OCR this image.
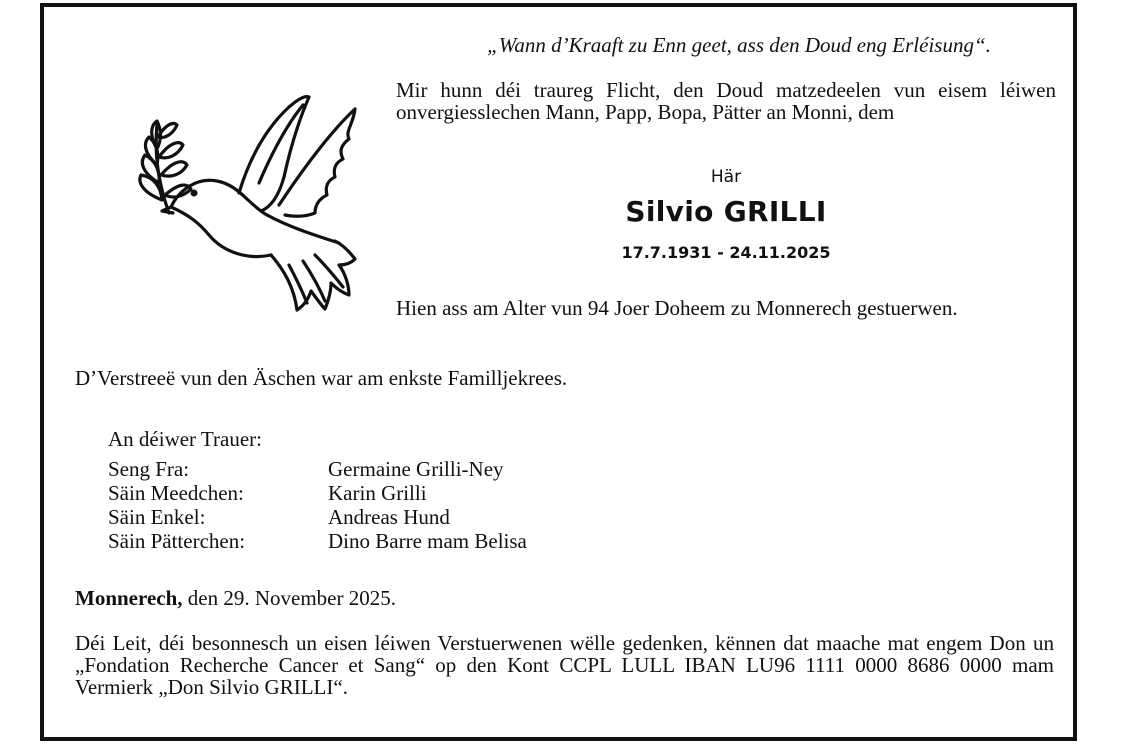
„Wann d’Kraaft zu Enn geet, ass den Doud eng Erléisung“.
Mir hunn déi traureg Flicht, den Doud matzedeelen vun eisem léiwen onvergiesslechen Mann, Papp, Bopa, Pätter an Monni, dem
Här
Silvio GRILLI
17.7.1931 - 24.11.2025
Hien ass am Alter vun 94 Joer Doheem zu Monnerech gestuerwen.
D’Verstreeë vun den Äschen war am enkste Familljekrees.
An déiwer Trauer:
Seng Fra:	Germaine Grilli-Ney
Säin Meedchen:	Karin Grilli
Säin Enkel:	Andreas Hund
Säin Pätterchen:	Dino Barre mam Belisa
Monnerech, den 29. November 2025.
Déi Leit, déi besonnesch un eisen léiwen Verstuerwenen wëlle gedenken, kënnen dat maache mat engem Don un „Fondation Recherche Cancer et Sang“ op den Kont CCPL LULL IBAN LU96 1111 0000 8686 0000 mam Vermierk „Don Silvio GRILLI“.
